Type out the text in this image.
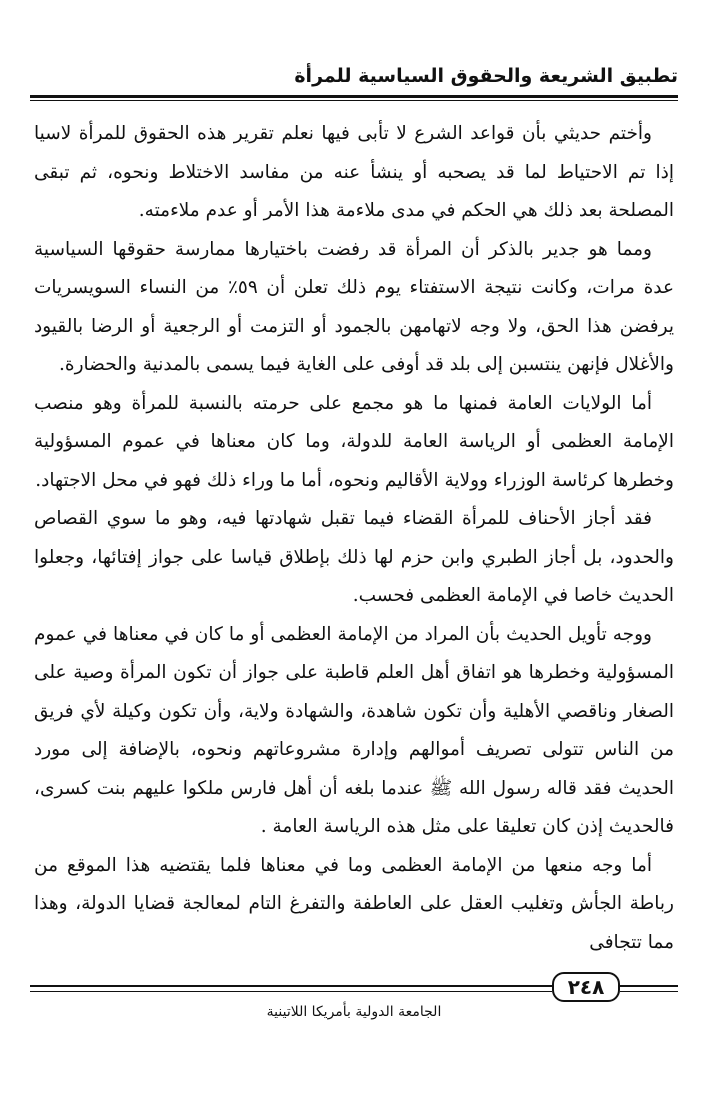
تطبيق الشريعة والحقوق السياسية للمرأة

وأختم حديثي بأن قواعد الشرع لا تأبى فيها نعلم تقرير هذه الحقوق للمرأة لاسيا إذا تم الاحتياط لما قد يصحبه أو ينشأ عنه من مفاسد الاختلاط ونحوه، ثم تبقى المصلحة بعد ذلك هي الحكم في مدى ملاءمة هذا الأمر أو عدم ملاءمته.

ومما هو جدير بالذكر أن المرأة قد رفضت باختيارها ممارسة حقوقها السياسية عدة مرات، وكانت نتيجة الاستفتاء يوم ذلك تعلن أن ٥٩٪ من النساء السويسريات يرفضن هذا الحق، ولا وجه لاتهامهن بالجمود أو التزمت أو الرجعية أو الرضا بالقيود والأغلال فإنهن ينتسبن إلى بلد قد أوفى على الغاية فيما يسمى بالمدنية والحضارة.

أما الولايات العامة فمنها ما هو مجمع على حرمته بالنسبة للمرأة وهو منصب الإمامة العظمى أو الرياسة العامة للدولة، وما كان معناها في عموم المسؤولية وخطرها كرئاسة الوزراء وولاية الأقاليم ونحوه، أما ما وراء ذلك فهو في محل الاجتهاد.

فقد أجاز الأحناف للمرأة القضاء فيما تقبل شهادتها فيه، وهو ما سوي القصاص والحدود، بل أجاز الطبري وابن حزم لها ذلك بإطلاق قياسا على جواز إفتائها، وجعلوا الحديث خاصا في الإمامة العظمى فحسب.

ووجه تأويل الحديث بأن المراد من الإمامة العظمى أو ما كان في معناها في عموم المسؤولية وخطرها هو اتفاق أهل العلم قاطبة على جواز أن تكون المرأة وصية على الصغار وناقصي الأهلية وأن تكون شاهدة، والشهادة ولاية، وأن تكون وكيلة لأي فريق من الناس تتولى تصريف أموالهم وإدارة مشروعاتهم ونحوه، بالإضافة إلى مورد الحديث فقد قاله رسول الله ﷺ عندما بلغه أن أهل فارس ملكوا عليهم بنت كسرى، فالحديث إذن كان تعليقا على مثل هذه الرياسة العامة .

أما وجه منعها من الإمامة العظمى وما في معناها فلما يقتضيه هذا الموقع من رباطة الجأش وتغليب العقل على العاطفة والتفرغ التام لمعالجة قضايا الدولة، وهذا مما تتجافى

٢٤٨
الجامعة الدولية بأمريكا اللاتينية
